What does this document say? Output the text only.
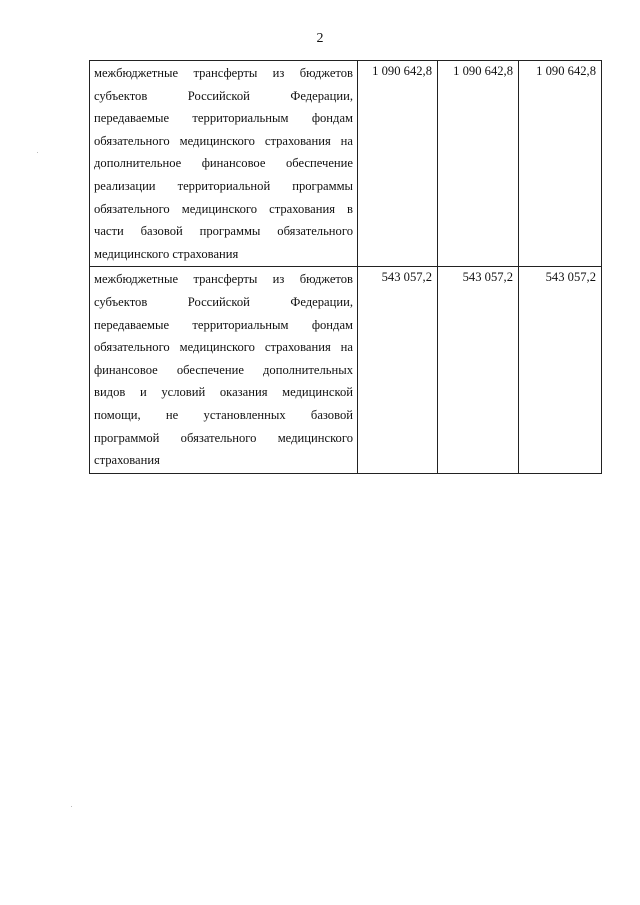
2
межбюджетные трансферты из бюджетов субъектов Российской Федерации, передаваемые территориальным фондам обязательного медицинского страхования на дополнительное финансовое обеспечение реализации территориальной программы обязательного медицинского страхования в части базовой программы обязательного медицинского страхования	1 090 642,8	1 090 642,8	1 090 642,8
межбюджетные трансферты из бюджетов субъектов Российской Федерации, передаваемые территориальным фондам обязательного медицинского страхования на финансовое обеспечение дополнительных видов и условий оказания медицинской помощи, не установленных базовой программой обязательного медицинского страхования	543 057,2	543 057,2	543 057,2
